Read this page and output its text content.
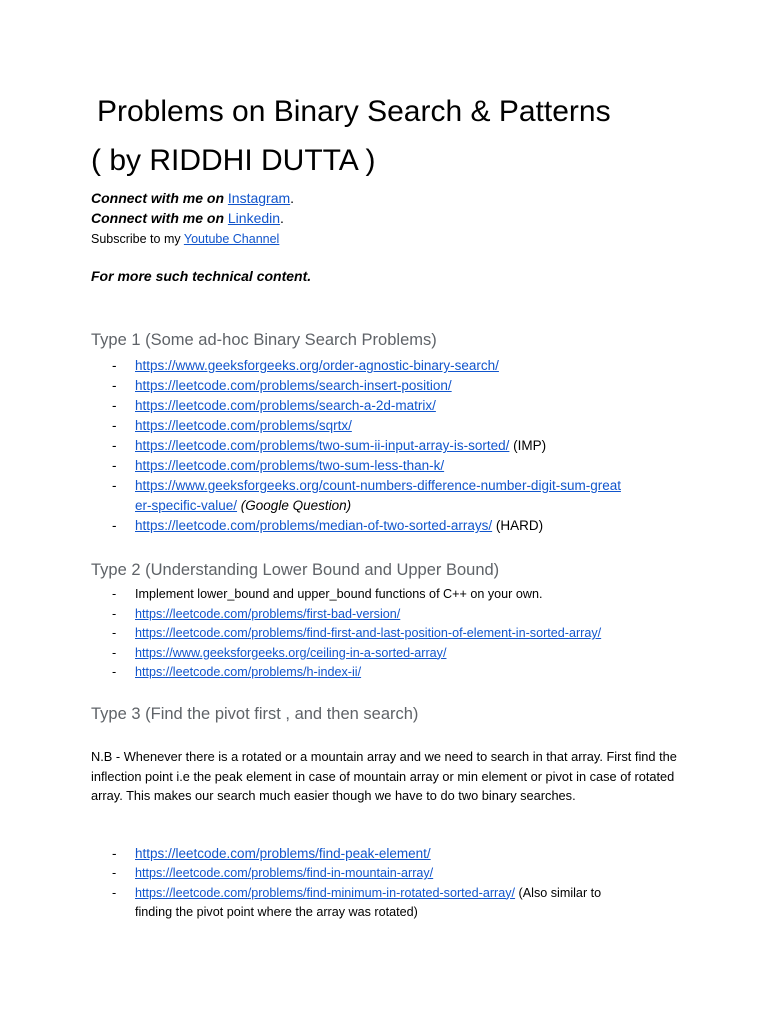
Problems on Binary Search & Patterns
( by RIDDHI DUTTA )
Connect with me on Instagram.
Connect with me on Linkedin.
Subscribe to my Youtube Channel
For more such technical content.
Type 1 (Some ad-hoc Binary Search Problems)
- https://www.geeksforgeeks.org/order-agnostic-binary-search/
- https://leetcode.com/problems/search-insert-position/
- https://leetcode.com/problems/search-a-2d-matrix/
- https://leetcode.com/problems/sqrtx/
- https://leetcode.com/problems/two-sum-ii-input-array-is-sorted/ (IMP)
- https://leetcode.com/problems/two-sum-less-than-k/
- https://www.geeksforgeeks.org/count-numbers-difference-number-digit-sum-great
er-specific-value/ (Google Question)
- https://leetcode.com/problems/median-of-two-sorted-arrays/ (HARD)
Type 2 (Understanding Lower Bound and Upper Bound)
- Implement lower_bound and upper_bound functions of C++ on your own.
- https://leetcode.com/problems/first-bad-version/
- https://leetcode.com/problems/find-first-and-last-position-of-element-in-sorted-array/
- https://www.geeksforgeeks.org/ceiling-in-a-sorted-array/
- https://leetcode.com/problems/h-index-ii/
Type 3 (Find the pivot first , and then search)

N.B - Whenever there is a rotated or a mountain array and we need to search in that array. First find the inflection point i.e the peak element in case of mountain array or min element or pivot in case of rotated array. This makes our search much easier though we have to do two binary searches.

- https://leetcode.com/problems/find-peak-element/
- https://leetcode.com/problems/find-in-mountain-array/
- https://leetcode.com/problems/find-minimum-in-rotated-sorted-array/ (Also similar to
finding the pivot point where the array was rotated)
